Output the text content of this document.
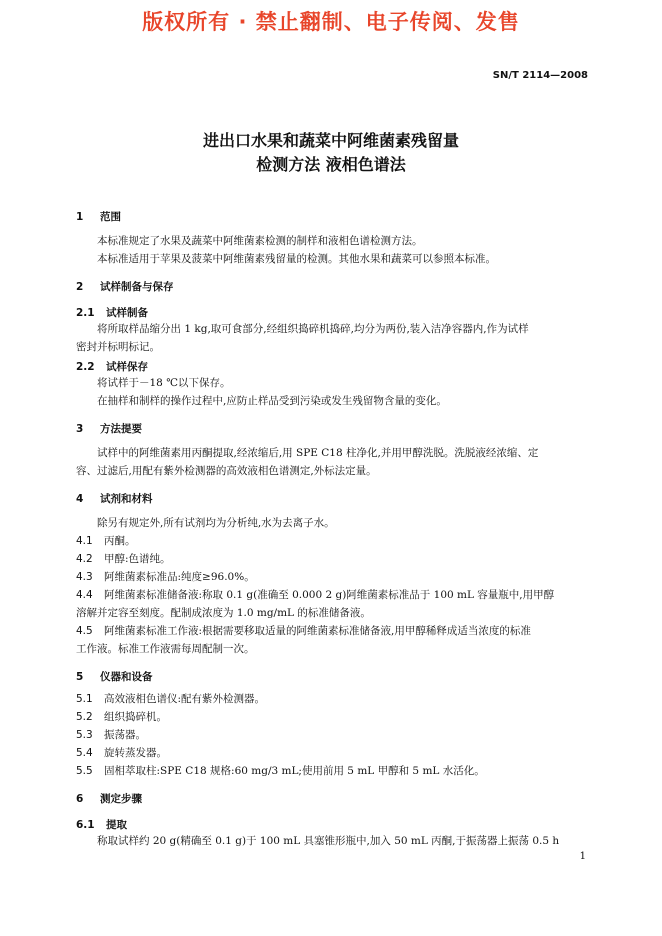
版权所有 · 禁止翻制、电子传阅、发售
SN/T 2114—2008
进出口水果和蔬菜中阿维菌素残留量
检测方法 液相色谱法
1 范围
本标准规定了水果及蔬菜中阿维菌素检测的制样和液相色谱检测方法。
本标准适用于苹果及菠菜中阿维菌素残留量的检测。其他水果和蔬菜可以参照本标准。
2 试样制备与保存
2.1 试样制备
将所取样品缩分出 1 kg,取可食部分,经组织捣碎机捣碎,均分为两份,装入洁净容器内,作为试样
密封并标明标记。
2.2 试样保存
将试样于－18 ℃以下保存。
在抽样和制样的操作过程中,应防止样品受到污染或发生残留物含量的变化。
3 方法提要
试样中的阿维菌素用丙酮提取,经浓缩后,用 SPE C18 柱净化,并用甲醇洗脱。洗脱液经浓缩、定
容、过滤后,用配有紫外检测器的高效液相色谱测定,外标法定量。
4 试剂和材料
除另有规定外,所有试剂均为分析纯,水为去离子水。
4.1 丙酮。
4.2 甲醇:色谱纯。
4.3 阿维菌素标准品:纯度≥96.0%。
4.4 阿维菌素标准储备液:称取 0.1 g(准确至 0.000 2 g)阿维菌素标准品于 100 mL 容量瓶中,用甲醇
溶解并定容至刻度。配制成浓度为 1.0 mg/mL 的标准储备液。
4.5 阿维菌素标准工作液:根据需要移取适量的阿维菌素标准储备液,用甲醇稀释成适当浓度的标准
工作液。标准工作液需每周配制一次。
5 仪器和设备
5.1 高效液相色谱仪:配有紫外检测器。
5.2 组织捣碎机。
5.3 振荡器。
5.4 旋转蒸发器。
5.5 固相萃取柱:SPE C18 规格:60 mg/3 mL;使用前用 5 mL 甲醇和 5 mL 水活化。
6 测定步骤
6.1 提取
称取试样约 20 g(精确至 0.1 g)于 100 mL 具塞锥形瓶中,加入 50 mL 丙酮,于振荡器上振荡 0.5 h
1
